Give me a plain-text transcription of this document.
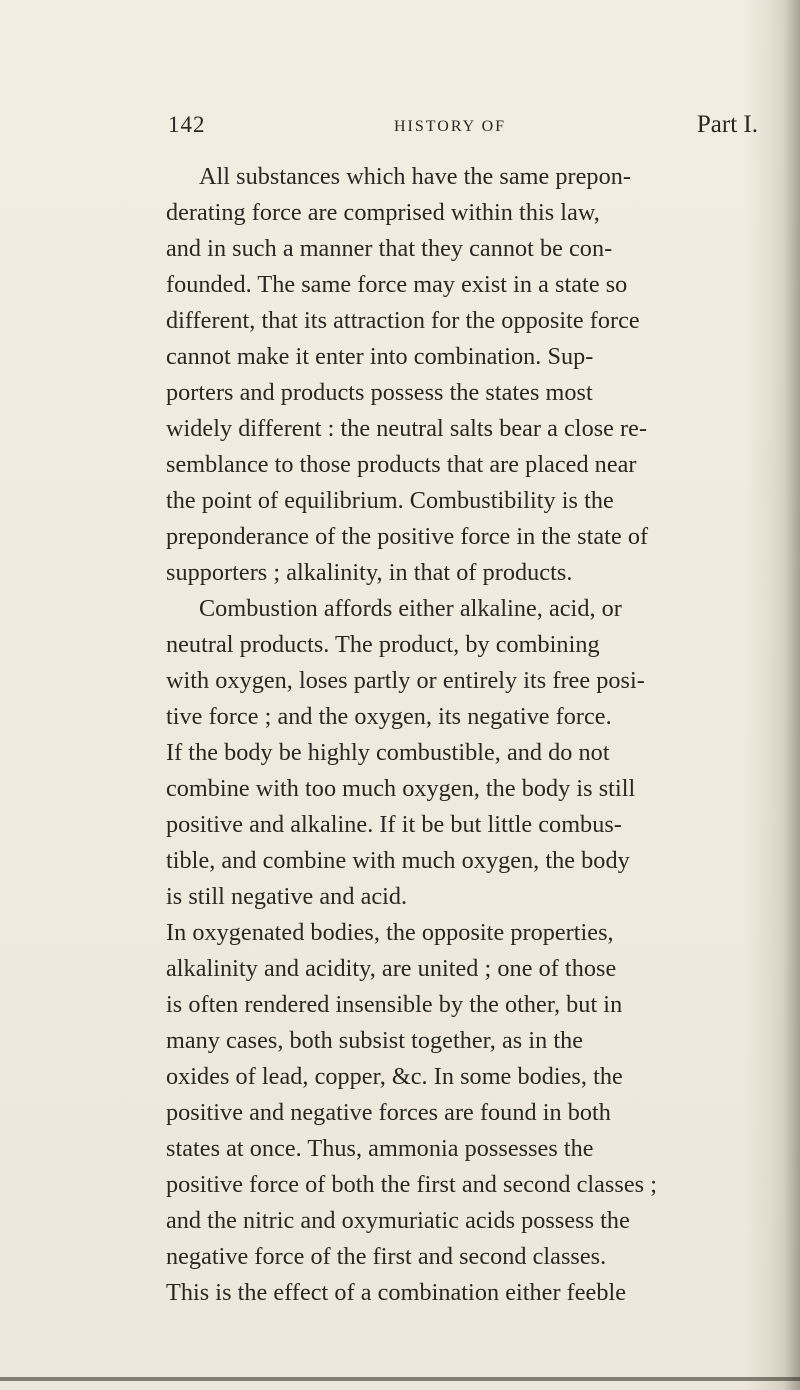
142	HISTORY OF	Part I.
All substances which have the same prepon-
derating force are comprised within this law,
and in such a manner that they cannot be con-
founded. The same force may exist in a state so
different, that its attraction for the opposite force
cannot make it enter into combination. Sup-
porters and products possess the states most
widely different : the neutral salts bear a close re-
semblance to those products that are placed near
the point of equilibrium. Combustibility is the
preponderance of the positive force in the state of
supporters ; alkalinity, in that of products.
Combustion affords either alkaline, acid, or
neutral products. The product, by combining
with oxygen, loses partly or entirely its free posi-
tive force ; and the oxygen, its negative force.
If the body be highly combustible, and do not
combine with too much oxygen, the body is still
positive and alkaline. If it be but little combus-
tible, and combine with much oxygen, the body
is still negative and acid.
In oxygenated bodies, the opposite properties,
alkalinity and acidity, are united ; one of those
is often rendered insensible by the other, but in
many cases, both subsist together, as in the
oxides of lead, copper, &c. In some bodies, the
positive and negative forces are found in both
states at once. Thus, ammonia possesses the
positive force of both the first and second classes ;
and the nitric and oxymuriatic acids possess the
negative force of the first and second classes.
This is the effect of a combination either feeble
